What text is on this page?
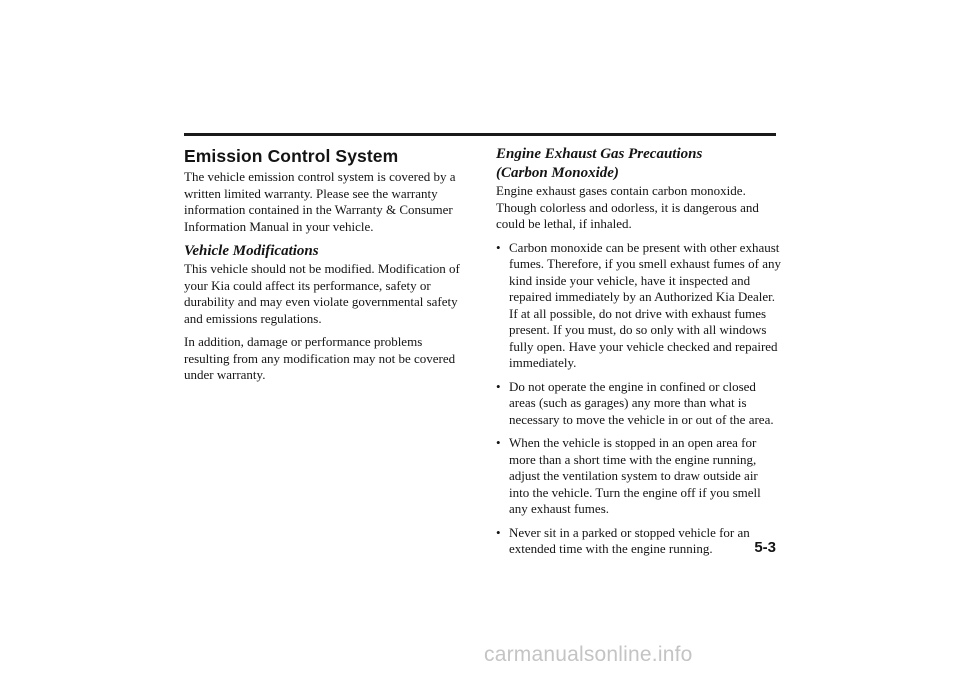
Emission Control System

The vehicle emission control system is covered by a written limited warranty. Please see the warranty information contained in the Warranty & Consumer Information Manual in your vehicle.

Vehicle Modifications

This vehicle should not be modified. Modification of your Kia could affect its performance, safety or durability and may even violate governmental safety and emissions regulations.

In addition, damage or performance problems resulting from any modification may not be covered under warranty.

Engine Exhaust Gas Precautions
(Carbon Monoxide)

Engine exhaust gases contain carbon monoxide. Though colorless and odorless, it is dangerous and could be lethal, if inhaled.

• Carbon monoxide can be present with other exhaust fumes. Therefore, if you smell exhaust fumes of any kind inside your vehicle, have it inspected and repaired immediately by an Authorized Kia Dealer. If at all possible, do not drive with exhaust fumes present. If you must, do so only with all windows fully open. Have your vehicle checked and repaired immediately.
• Do not operate the engine in confined or closed areas (such as garages) any more than what is necessary to move the vehicle in or out of the area.
• When the vehicle is stopped in an open area for more than a short time with the engine running, adjust the ventilation system to draw outside air into the vehicle. Turn the engine off if you smell any exhaust fumes.
• Never sit in a parked or stopped vehicle for an extended time with the engine running.	5-3
carmanualsonline.info
